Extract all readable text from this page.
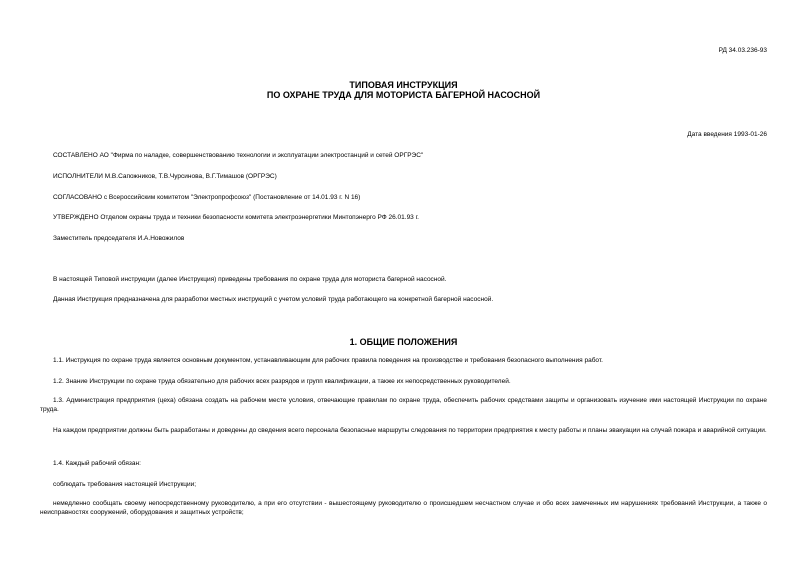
РД 34.03.236-93
ТИПОВАЯ ИНСТРУКЦИЯ
ПО ОХРАНЕ ТРУДА ДЛЯ МОТОРИСТА БАГЕРНОЙ НАСОСНОЙ
Дата введения 1993-01-26
СОСТАВЛЕНО АО "Фирма по наладке, совершенствованию технологии и эксплуатации электростанций и сетей ОРГРЭС"
ИСПОЛНИТЕЛИ М.В.Сапожников, Т.В.Чурсинова, В.Г.Тимашов (ОРГРЭС)
СОГЛАСОВАНО с Всероссийским комитетом "Электропрофсоюз" (Постановление от 14.01.93 г. N 16)
УТВЕРЖДЕНО Отделом охраны труда и техники безопасности комитета электроэнергетики Минтопэнерго РФ 26.01.93 г.
Заместитель председателя И.А.Новожилов
В настоящей Типовой инструкции (далее Инструкция) приведены требования по охране труда для моториста багерной насосной.
Данная Инструкция предназначена для разработки местных инструкций с учетом условий труда работающего на конкретной багерной насосной.
1. ОБЩИЕ ПОЛОЖЕНИЯ
1.1. Инструкция по охране труда является основным документом, устанавливающим для рабочих правила поведения на производстве и требования безопасного выполнения работ.
1.2. Знание Инструкции по охране труда обязательно для рабочих всех разрядов и групп квалификации, а также их непосредственных руководителей.
1.3. Администрация предприятия (цеха) обязана создать на рабочем месте условия, отвечающие правилам по охране труда, обеспечить рабочих средствами защиты и организовать изучение ими настоящей Инструкции по охране труда.
На каждом предприятии должны быть разработаны и доведены до сведения всего персонала безопасные маршруты следования по территории предприятия к месту работы и планы эвакуации на случай пожара и аварийной ситуации.
1.4. Каждый рабочий обязан:
соблюдать требования настоящей Инструкции;
немедленно сообщать своему непосредственному руководителю, а при его отсутствии - вышестоящему руководителю о происшедшем несчастном случае и обо всех замеченных им нарушениях требований Инструкции, а также о неисправностях сооружений, оборудования и защитных устройств;
